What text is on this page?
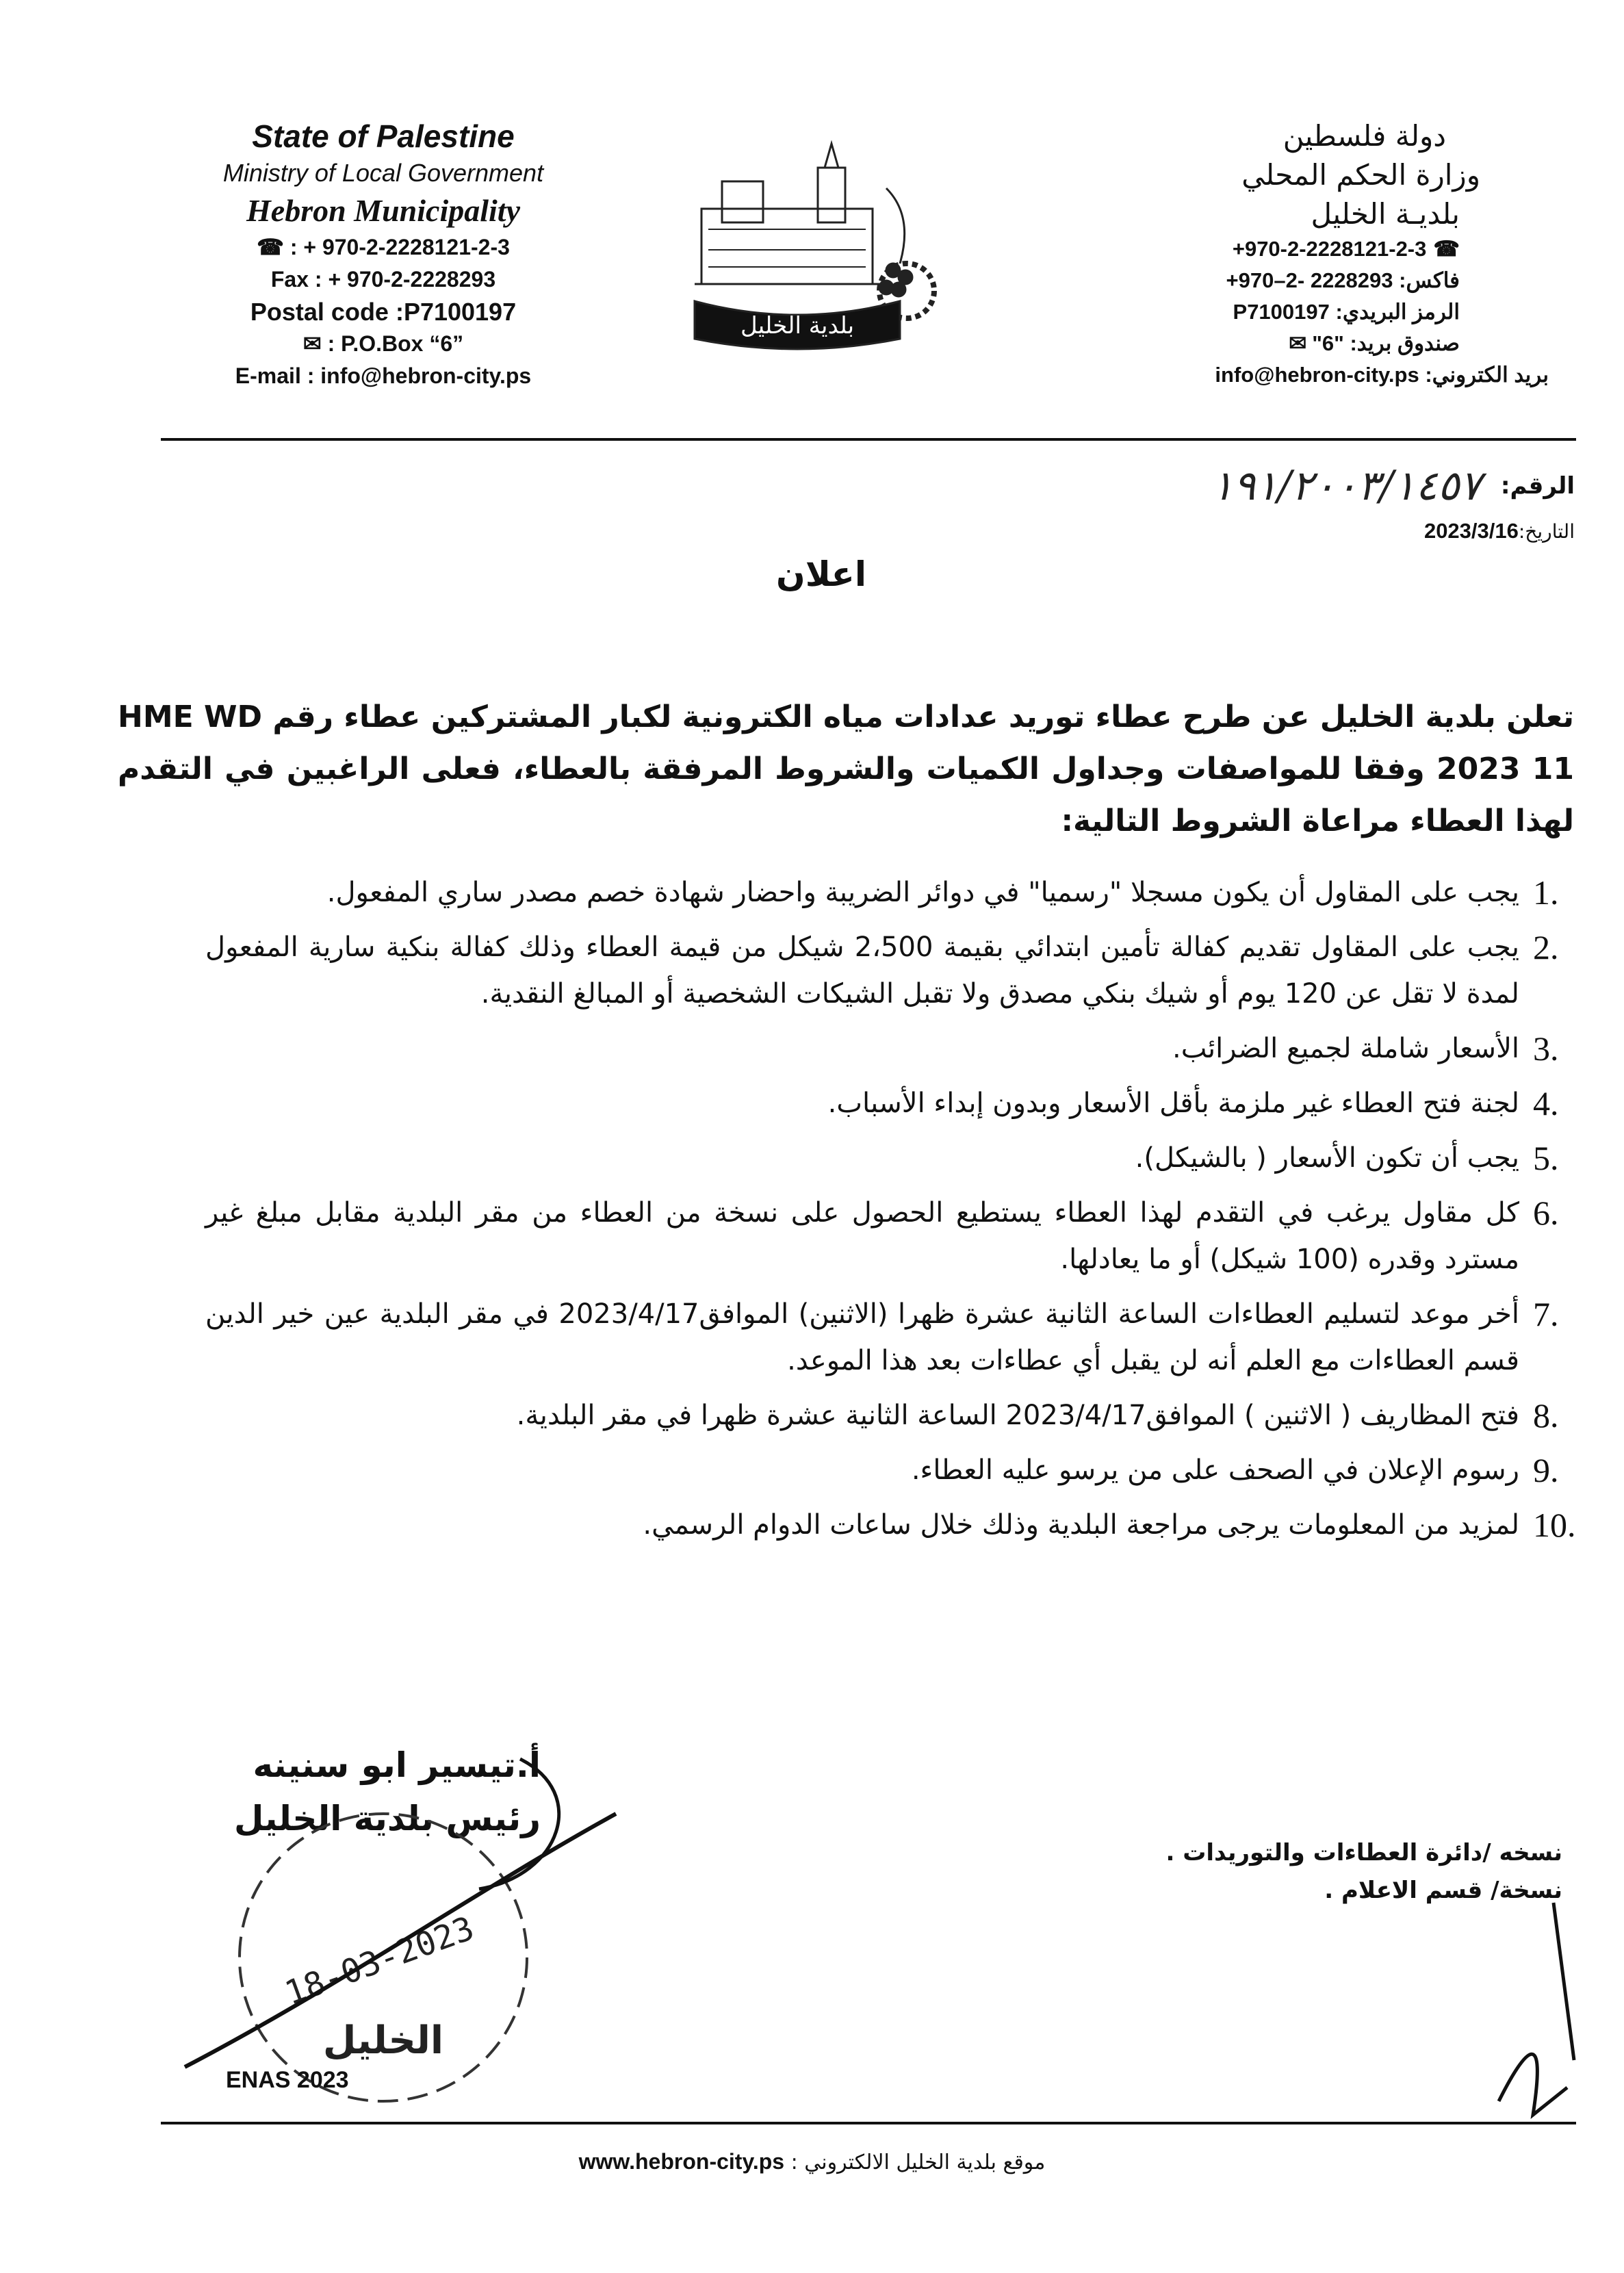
State of Palestine
Ministry of Local Government
Hebron Municipality
☎ : + 970-2-2228121-2-3
Fax : + 970-2-2228293
Postal code :P7100197
✉ : P.O.Box “6”
E-mail : info@hebron-city.ps
بلدية الخليل
دولة فلسطين
وزارة الحكم المحلي
بلديـة الخليل
☎+970-2-2228121-2-3
فاكس: 2228293 -2–970+
الرمز البريدي: P7100197
صندوق بريد: "6"✉
بريد الكتروني: info@hebron-city.ps
الرقم:
١٩١/٢٠٠٣/١٤٥٧
التاريخ:2023/3/16
اعلان
تعلن بلدية الخليل عن طرح عطاء توريد عدادات مياه الكترونية لكبار المشتركين عطاء رقم HME WD 2023 11 وفقا للمواصفات وجداول الكميات والشروط المرفقة بالعطاء، فعلى الراغبين في التقدم لهذا العطاء مراعاة الشروط التالية:
1.
يجب على المقاول أن يكون مسجلا "رسميا" في دوائر الضريبة واحضار شهادة خصم مصدر ساري المفعول.
2.
يجب على المقاول تقديم كفالة تأمين ابتدائي بقيمة 2،500 شيكل من قيمة العطاء وذلك كفالة بنكية سارية المفعول لمدة لا تقل عن 120 يوم أو شيك بنكي مصدق ولا تقبل الشيكات الشخصية أو المبالغ النقدية.
3.
الأسعار شاملة لجميع الضرائب.
4.
لجنة فتح العطاء غير ملزمة بأقل الأسعار وبدون إبداء الأسباب.
5.
يجب أن تكون الأسعار ( بالشيكل).
6.
كل مقاول يرغب في التقدم لهذا العطاء يستطيع الحصول على نسخة من العطاء من مقر البلدية مقابل مبلغ غير مسترد وقدره (100 شيكل) أو ما يعادلها.
7.
أخر موعد لتسليم العطاءات الساعة الثانية عشرة ظهرا (الاثنين) الموافق2023/4/17 في مقر البلدية عين خير الدين قسم العطاءات مع العلم أنه لن يقبل أي عطاءات بعد هذا الموعد.
8.
فتح المظاريف ( الاثنين ) الموافق2023/4/17 الساعة الثانية عشرة ظهرا في مقر البلدية.
9.
رسوم الإعلان في الصحف على من يرسو عليه العطاء.
10.
لمزيد من المعلومات يرجى مراجعة البلدية وذلك خلال ساعات الدوام الرسمي.
أ.تيسير ابو سنينه
رئيس بلدية الخليل
18-03-2023
الخليل
نسخه /دائرة العطاءات والتوريدات .
نسخة/ قسم الاعلام .
ENAS 2023
موقع بلدية الخليل الالكتروني : www.hebron-city.ps
